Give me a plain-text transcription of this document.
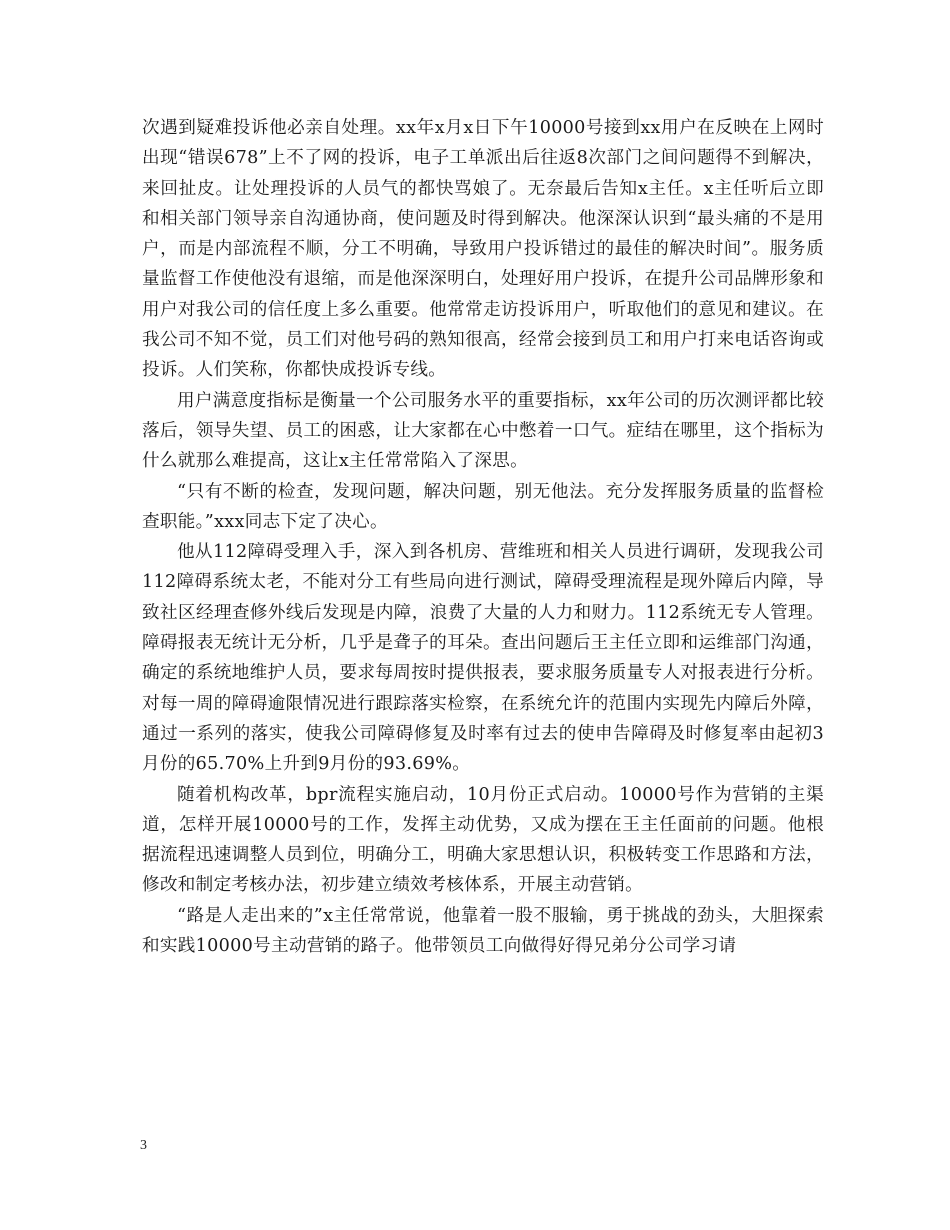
次遇到疑难投诉他必亲自处理。xx年x月x日下午10000号接到xx用户在反映在上网时出现“错误678”上不了网的投诉，电子工单派出后往返8次部门之间问题得不到解决，来回扯皮。让处理投诉的人员气的都快骂娘了。无奈最后告知x主任。x主任听后立即和相关部门领导亲自沟通协商，使问题及时得到解决。他深深认识到“最头痛的不是用户，而是内部流程不顺，分工不明确，导致用户投诉错过的最佳的解决时间”。服务质量监督工作使他没有退缩，而是他深深明白，处理好用户投诉，在提升公司品牌形象和用户对我公司的信任度上多么重要。他常常走访投诉用户，听取他们的意见和建议。在我公司不知不觉，员工们对他号码的熟知很高，经常会接到员工和用户打来电话咨询或投诉。人们笑称，你都快成投诉专线。

用户满意度指标是衡量一个公司服务水平的重要指标，xx年公司的历次测评都比较落后，领导失望、员工的困惑，让大家都在心中憋着一口气。症结在哪里，这个指标为什么就那么难提高，这让x主任常常陷入了深思。

“只有不断的检查，发现问题，解决问题，别无他法。充分发挥服务质量的监督检查职能。”xxx同志下定了决心。

他从112障碍受理入手，深入到各机房、营维班和相关人员进行调研，发现我公司112障碍系统太老，不能对分工有些局向进行测试，障碍受理流程是现外障后内障，导致社区经理查修外线后发现是内障，浪费了大量的人力和财力。112系统无专人管理。障碍报表无统计无分析，几乎是聋子的耳朵。查出问题后王主任立即和运维部门沟通，确定的系统地维护人员，要求每周按时提供报表，要求服务质量专人对报表进行分析。对每一周的障碍逾限情况进行跟踪落实检察，在系统允许的范围内实现先内障后外障，通过一系列的落实，使我公司障碍修复及时率有过去的使申告障碍及时修复率由起初3月份的65.70%上升到9月份的93.69%。

随着机构改革，bpr流程实施启动，10月份正式启动。10000号作为营销的主渠道，怎样开展10000号的工作，发挥主动优势，又成为摆在王主任面前的问题。他根据流程迅速调整人员到位，明确分工，明确大家思想认识，积极转变工作思路和方法，修改和制定考核办法，初步建立绩效考核体系，开展主动营销。

“路是人走出来的”x主任常常说，他靠着一股不服输，勇于挑战的劲头，大胆探索和实践10000号主动营销的路子。他带领员工向做得好得兄弟分公司学习请

3
